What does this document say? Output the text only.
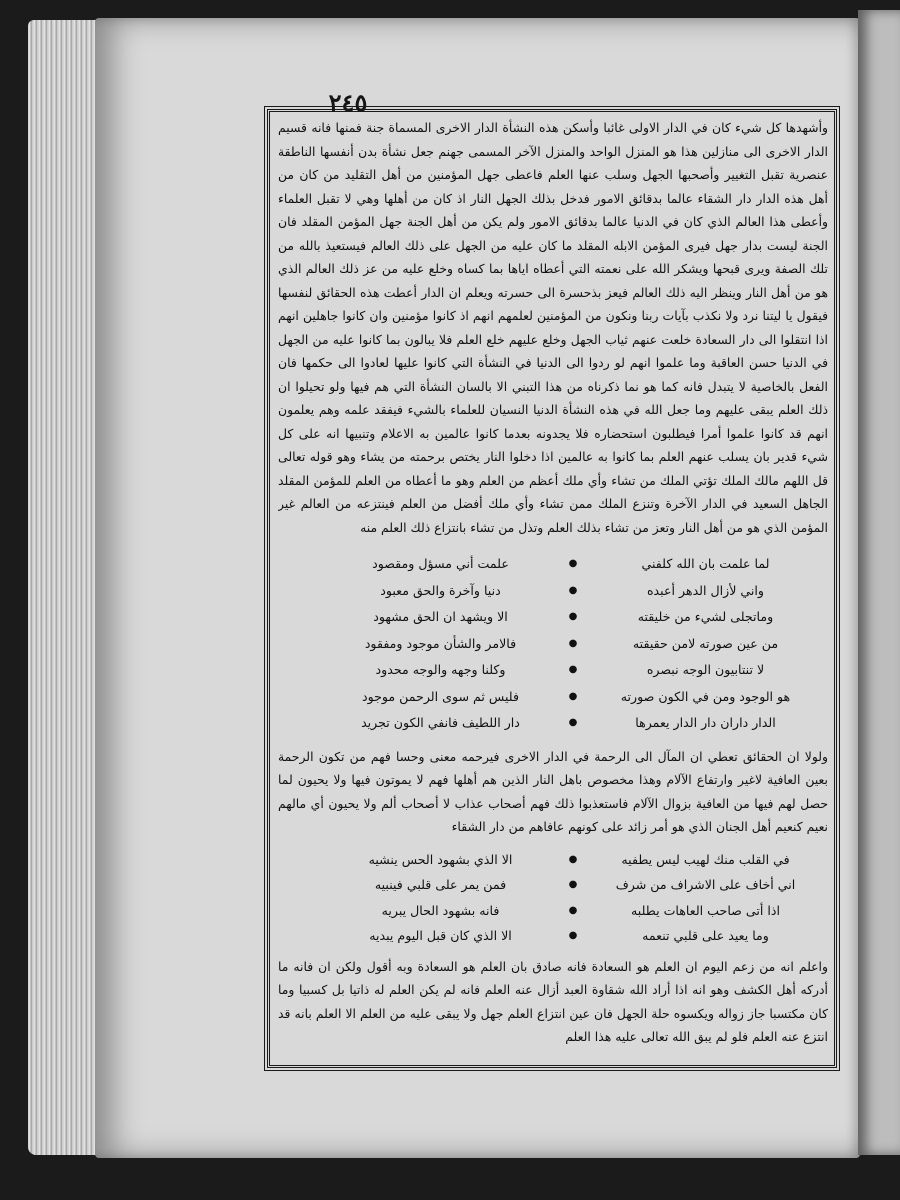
٢٤٥

وأشهدها كل شيء كان في الدار الاولى غائبا وأسكن هذه النشأة الدار الاخرى المسماة جنة فمنها فانه قسيم الدار الاخرى الى منازلين هذا هو المنزل الواحد والمنزل الآخر المسمى جهنم جعل نشأة بدن أنفسها الناطقة عنصرية تقبل التغيير وأصحبها الجهل وسلب عنها العلم فاعطى جهل المؤمنين من أهل التقليد من كان من أهل هذه الدار دار الشقاء عالما بدقائق الامور فدخل بذلك الجهل النار اذ كان من أهلها وهي لا تقبل العلماء وأعطى هذا العالم الذي كان في الدنيا عالما بدقائق الامور ولم يكن من أهل الجنة جهل المؤمن المقلد فان الجنة ليست بدار جهل فيرى المؤمن الابله المقلد ما كان عليه من الجهل على ذلك العالم فيستعيذ بالله من تلك الصفة ويرى قبحها ويشكر الله على نعمته التي أعطاه اياها بما كساه وخلع عليه من عز ذلك العالم الذي هو من أهل النار وينظر اليه ذلك العالم فيعز بذحسرة الى حسرته ويعلم ان الدار أعطت هذه الحقائق لنفسها فيقول يا ليتنا نرد ولا نكذب بآيات ربنا ونكون من المؤمنين لعلمهم انهم اذ كانوا مؤمنين وان كانوا جاهلين انهم اذا انتقلوا الى دار السعادة خلعت عنهم ثياب الجهل وخلع عليهم خلع العلم فلا يبالون بما كانوا عليه من الجهل في الدنيا حسن العاقبة وما علموا انهم لو ردوا الى الدنيا في النشأة التي كانوا عليها لعادوا الى حكمها فان الفعل بالخاصية لا يتبدل فانه كما هو نما ذكرناه من هذا التبني الا بالسان النشأة التي هم فيها ولو تحيلوا ان ذلك العلم يبقى عليهم وما جعل الله في هذه النشأة الدنيا النسيان للعلماء بالشيء فيفقد علمه وهم يعلمون انهم قد كانوا علموا أمرا فيطلبون استحضاره فلا يجدونه بعدما كانوا عالمين به الاعلام وتنبيها انه على كل شيء قدير بان يسلب عنهم العلم بما كانوا به عالمين اذا دخلوا النار يختص برحمته من يشاء وهو قوله تعالى قل اللهم مالك الملك تؤتي الملك من تشاء وأي ملك أعظم من العلم وهو ما أعطاه من العلم للمؤمن المقلد الجاهل السعيد في الدار الآخرة وتنزع الملك ممن تشاء وأي ملك أفضل من العلم فينتزعه من العالم غير المؤمن الذي هو من أهل النار وتعز من تشاء بذلك العلم وتذل من تشاء بانتزاع ذلك العلم منه

لما علمت بان الله كلفني
●
علمت أني مسؤل ومقصود
واني لأزال الدهر أعبده
●
دنيا وآخرة والحق معبود
وماتجلى لشيء من خليقته
●
الا ويشهد ان الحق مشهود
من عين صورته لامن حقيقته
●
فالامر والشأن موجود ومفقود
لا تنتابيون الوجه نبصره
●
وكلنا وجهه والوجه محدود
هو الوجود ومن في الكون صورته
●
فليس ثم سوى الرحمن موجود
الدار داران دار الدار يعمرها
●
دار اللطيف فانفي الكون تجريد

ولولا ان الحقائق تعطي ان المآل الى الرحمة في الدار الاخرى فيرحمه معنى وحسا فهم من تكون الرحمة بعين العافية لاغير وارتفاع الآلام وهذا مخصوص باهل النار الذين هم أهلها فهم لا يموتون فيها ولا يحيون لما حصل لهم فيها من العافية بزوال الآلام فاستعذبوا ذلك فهم أصحاب عذاب لا أصحاب ألم ولا يحيون أي مالهم نعيم كنعيم أهل الجنان الذي هو أمر زائد على كونهم عافاهم من دار الشقاء

في القلب منك لهيب ليس يطفيه
●
الا الذي بشهود الحس ينشيه
اني أخاف على الاشراف من شرف
●
فمن يمر على قلبي فينبيه
اذا أتى صاحب العاهات يطلبه
●
فانه بشهود الحال يبريه
وما يعيد على قلبي تنعمه
●
الا الذي كان قبل اليوم يبديه

واعلم انه من زعم اليوم ان العلم هو السعادة فانه صادق بان العلم هو السعادة وبه أقول ولكن ان فانه ما أدركه أهل الكشف وهو انه اذا أراد الله شقاوة العبد أزال عنه العلم فانه لم يكن العلم له ذاتيا بل كسبيا وما كان مكتسبا جاز زواله ويكسوه حلة الجهل فان عين انتزاع العلم جهل ولا يبقى عليه من العلم الا العلم بانه قد انتزع عنه العلم فلو لم يبق الله تعالى عليه هذا العلم
